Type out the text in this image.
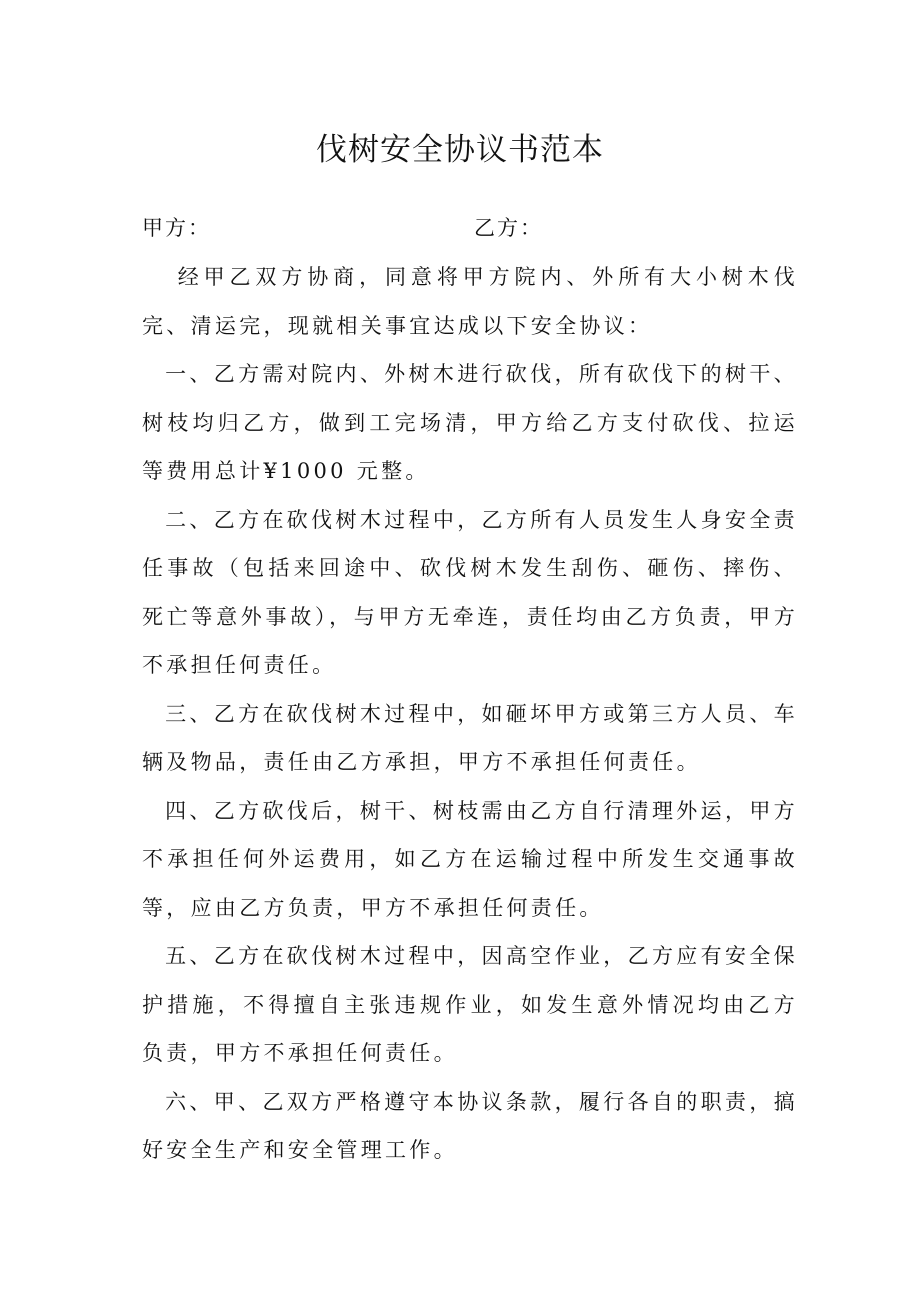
伐树安全协议书范本
甲方：	乙方：

经甲乙双方协商，同意将甲方院内、外所有大小树木伐完、清运完，现就相关事宜达成以下安全协议：

一、乙方需对院内、外树木进行砍伐，所有砍伐下的树干、树枝均归乙方，做到工完场清，甲方给乙方支付砍伐、拉运等费用总计¥1000 元整。

二、乙方在砍伐树木过程中，乙方所有人员发生人身安全责任事故（包括来回途中、砍伐树木发生刮伤、砸伤、摔伤、死亡等意外事故），与甲方无牵连，责任均由乙方负责，甲方不承担任何责任。

三、乙方在砍伐树木过程中，如砸坏甲方或第三方人员、车辆及物品，责任由乙方承担，甲方不承担任何责任。

四、乙方砍伐后，树干、树枝需由乙方自行清理外运，甲方不承担任何外运费用，如乙方在运输过程中所发生交通事故等，应由乙方负责，甲方不承担任何责任。

五、乙方在砍伐树木过程中，因高空作业，乙方应有安全保护措施，不得擅自主张违规作业，如发生意外情况均由乙方负责，甲方不承担任何责任。

六、甲、乙双方严格遵守本协议条款，履行各自的职责，搞好安全生产和安全管理工作。
